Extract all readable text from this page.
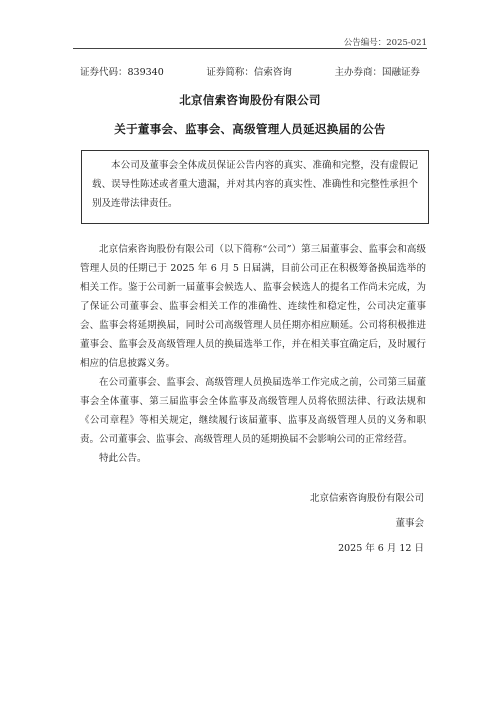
公告编号：2025-021
证券代码：839340	证券简称：信索咨询	主办券商：国融证券
北京信索咨询股份有限公司
关于董事会、监事会、高级管理人员延迟换届的公告
本公司及董事会全体成员保证公告内容的真实、准确和完整，没有虚假记载、误导性陈述或者重大遗漏，并对其内容的真实性、准确性和完整性承担个别及连带法律责任。

北京信索咨询股份有限公司（以下简称“公司”）第三届董事会、监事会和高级管理人员的任期已于 2025 年 6 月 5 日届满，目前公司正在积极筹备换届选举的相关工作。鉴于公司新一届董事会候选人、监事会候选人的提名工作尚未完成，为了保证公司董事会、监事会相关工作的准确性、连续性和稳定性，公司决定董事会、监事会将延期换届，同时公司高级管理人员任期亦相应顺延。公司将积极推进董事会、监事会及高级管理人员的换届选举工作，并在相关事宜确定后，及时履行相应的信息披露义务。

在公司董事会、监事会、高级管理人员换届选举工作完成之前，公司第三届董事会全体董事、第三届监事会全体监事及高级管理人员将依照法律、行政法规和《公司章程》等相关规定，继续履行该届董事、监事及高级管理人员的义务和职责。公司董事会、监事会、高级管理人员的延期换届不会影响公司的正常经营。

特此公告。

北京信索咨询股份有限公司
董事会
2025 年 6 月 12 日
